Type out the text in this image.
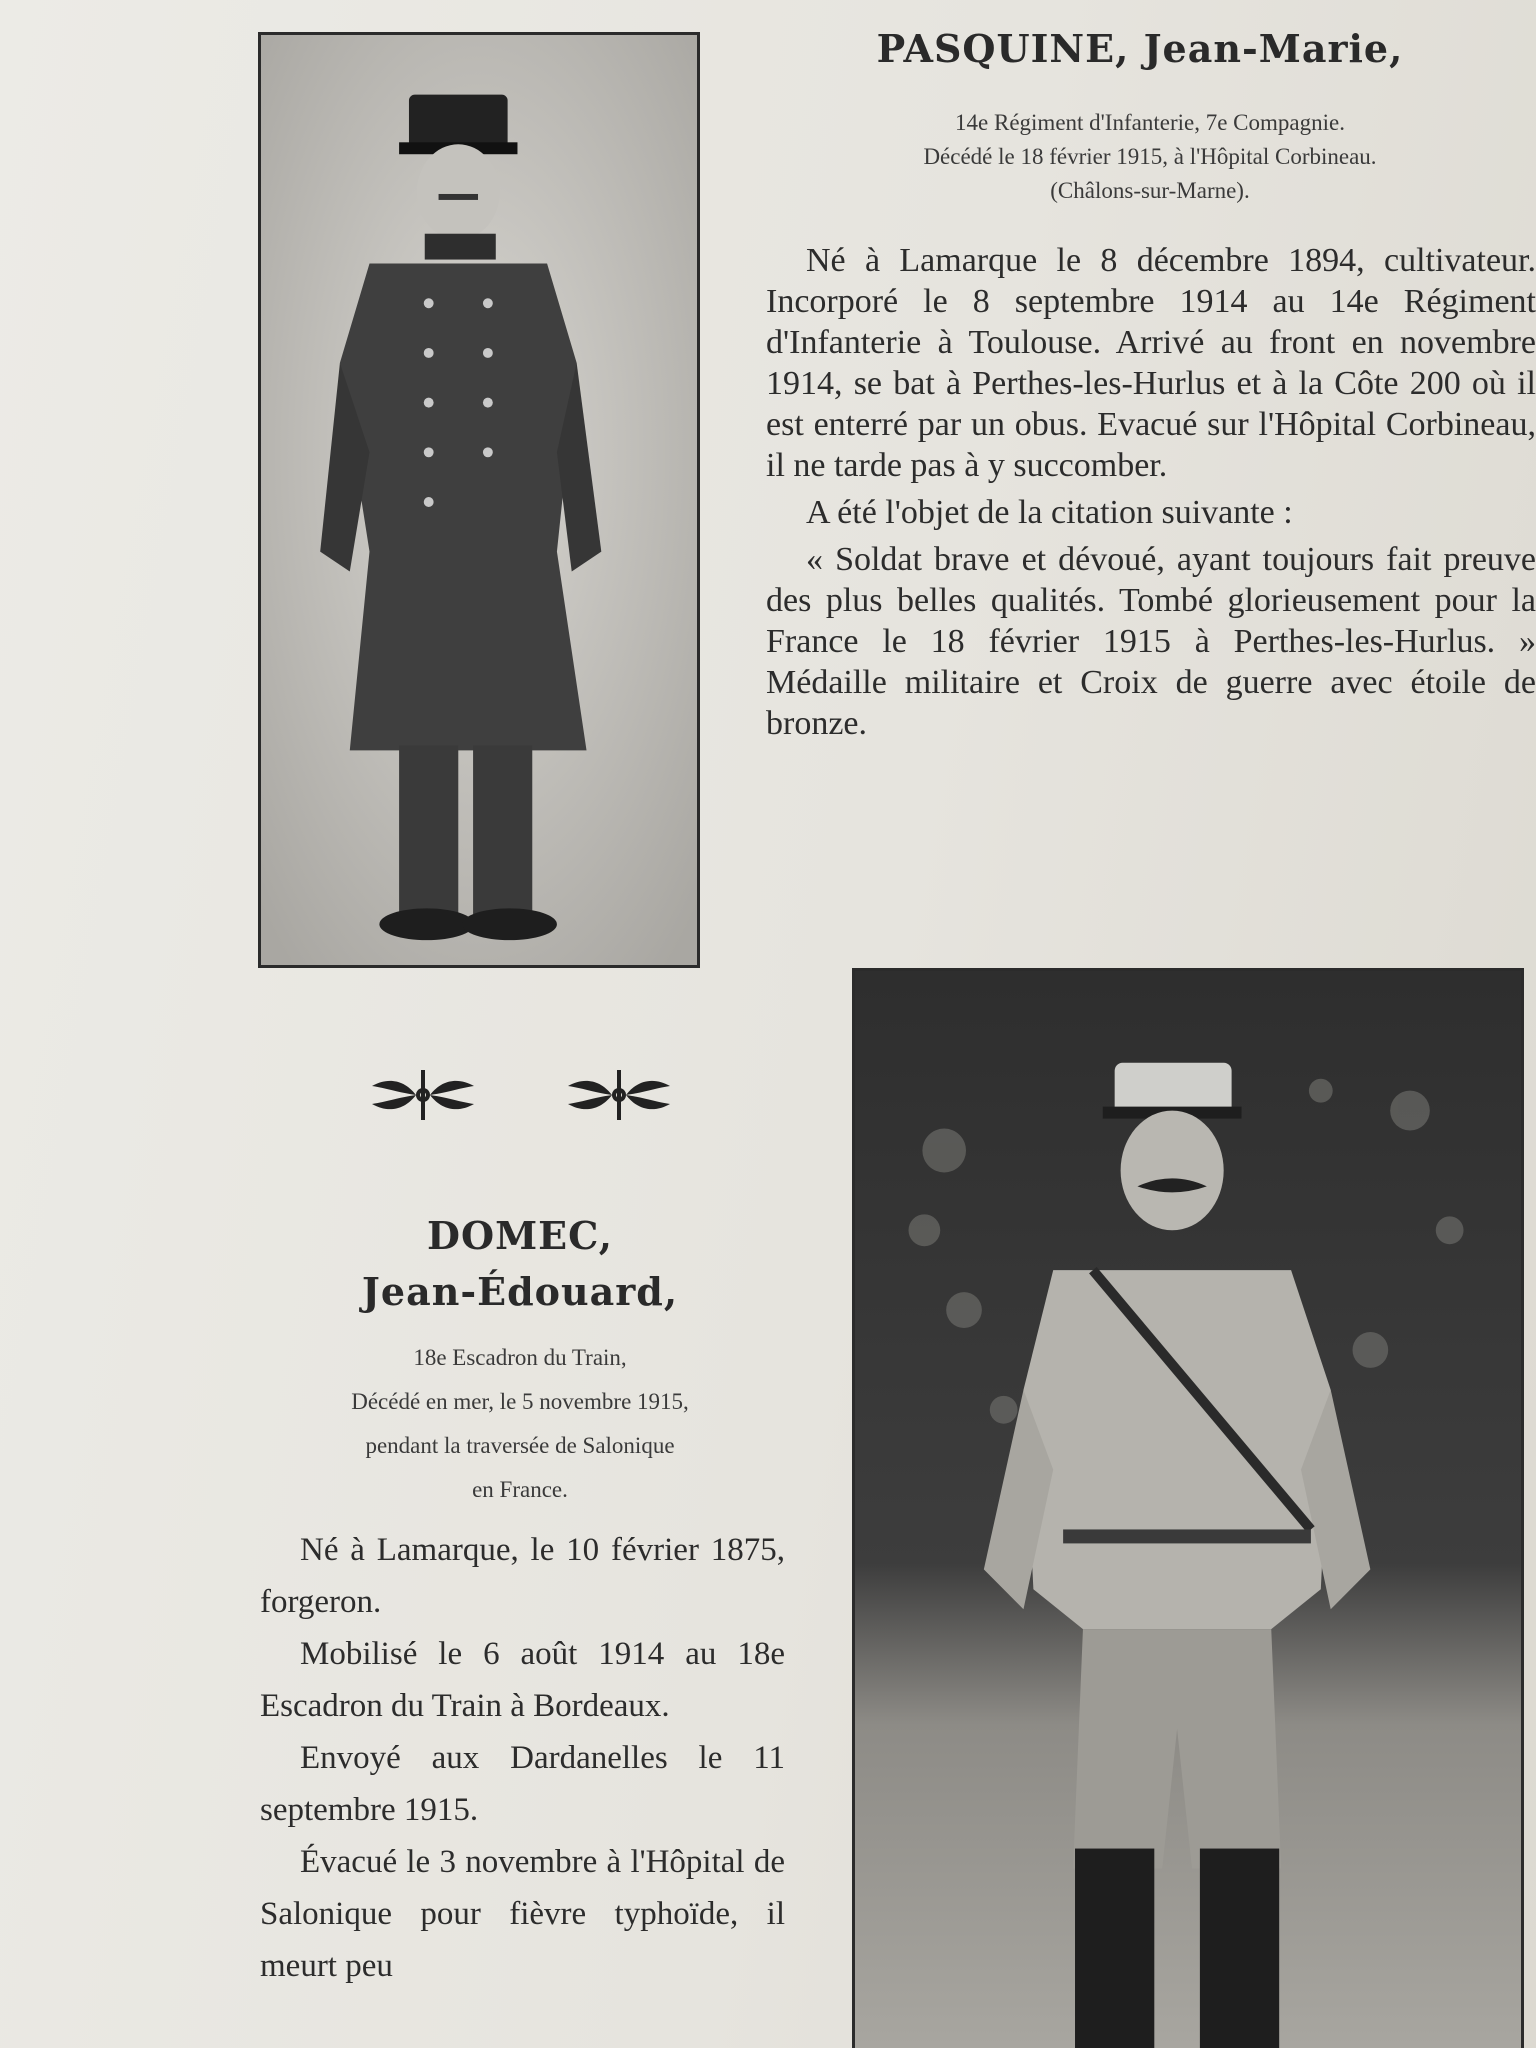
PASQUINE, Jean-Marie,
14e Régiment d'Infanterie, 7e Compagnie.
Décédé le 18 février 1915, à l'Hôpital Corbineau.
(Châlons-sur-Marne).

Né à Lamarque le 8 décembre 1894, cultivateur. Incorporé le 8 septembre 1914 au 14e Régiment d'Infanterie à Toulouse. Arrivé au front en novembre 1914, se bat à Perthes-les-Hurlus et à la Côte 200 où il est enterré par un obus. Evacué sur l'Hôpital Corbineau, il ne tarde pas à y succomber.

A été l'objet de la citation suivante :

« Soldat brave et dévoué, ayant toujours fait preuve des plus belles qualités. Tombé glorieusement pour la France le 18 février 1915 à Perthes-les-Hurlus. » Médaille militaire et Croix de guerre avec étoile de bronze.

DOMEC,
Jean-Édouard,
18e Escadron du Train,
Décédé en mer, le 5 novembre 1915,
pendant la traversée de Salonique
en France.

Né à Lamarque, le 10 février 1875, forgeron.

Mobilisé le 6 août 1914 au 18e Escadron du Train à Bordeaux.

Envoyé aux Dardanelles le 11 septembre 1915.

Évacué le 3 novembre à l'Hôpital de Salonique pour fièvre typhoïde, il meurt peu
